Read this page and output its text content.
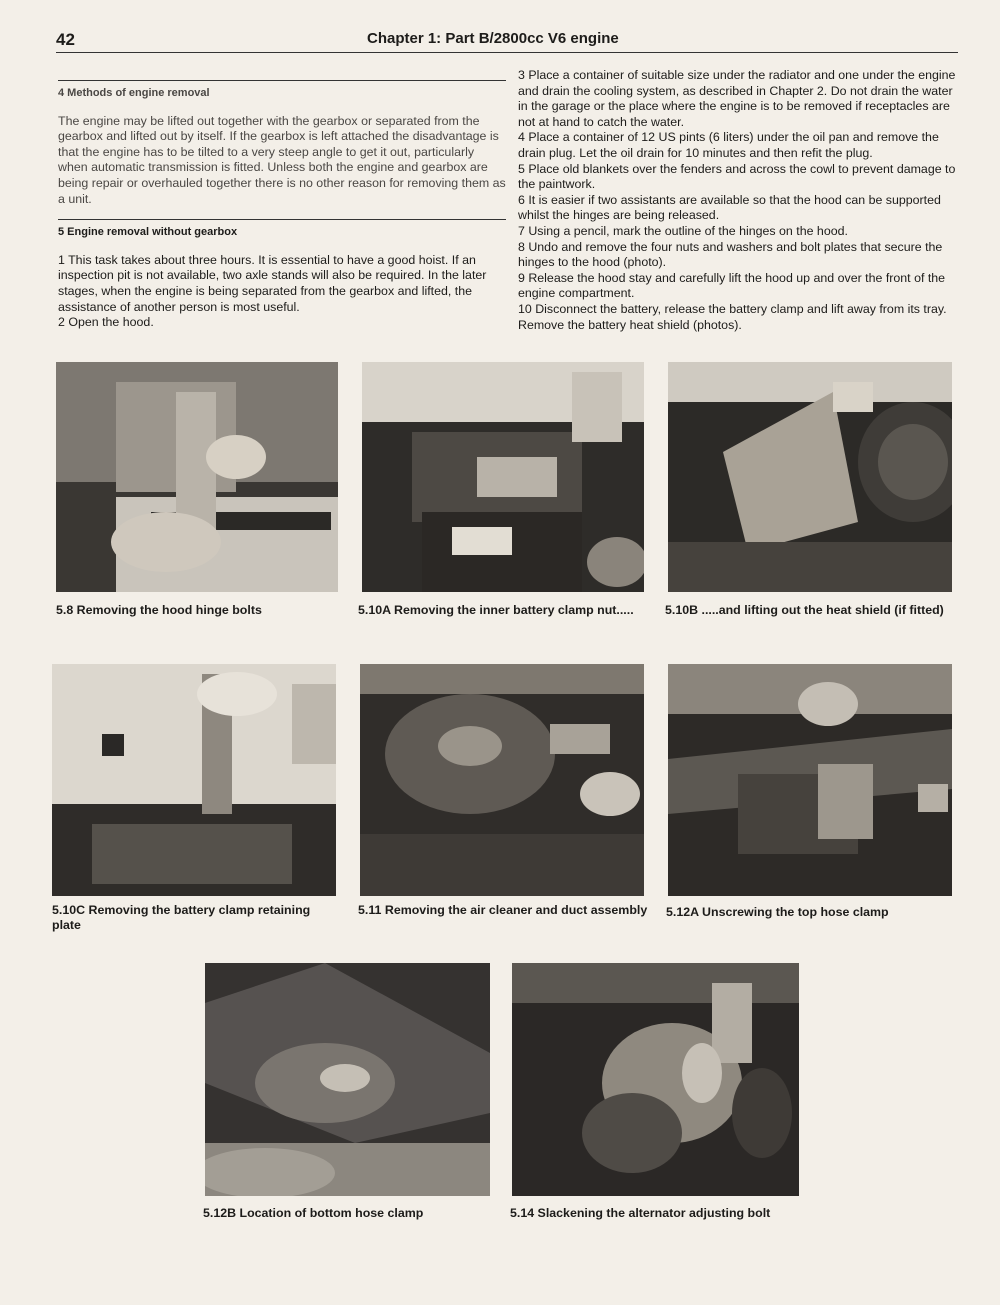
42	Chapter 1: Part B/2800cc V6 engine
4 Methods of engine removal

The engine may be lifted out together with the gearbox or separated from the gearbox and lifted out by itself. If the gearbox is left attached the disadvantage is that the engine has to be tilted to a very steep angle to get it out, particularly when automatic transmission is fitted. Unless both the engine and gearbox are being repair or overhauled together there is no other reason for removing them as a unit.

5 Engine removal without gearbox

1 This task takes about three hours. It is essential to have a good hoist. If an inspection pit is not available, two axle stands will also be required. In the later stages, when the engine is being separated from the gearbox and lifted, the assistance of another person is most useful.

2 Open the hood.

3 Place a container of suitable size under the radiator and one under the engine and drain the cooling system, as described in Chapter 2. Do not drain the water in the garage or the place where the engine is to be removed if receptacles are not at hand to catch the water.

4 Place a container of 12 US pints (6 liters) under the oil pan and remove the drain plug. Let the oil drain for 10 minutes and then refit the plug.

5 Place old blankets over the fenders and across the cowl to prevent damage to the paintwork.

6 It is easier if two assistants are available so that the hood can be supported whilst the hinges are being released.

7 Using a pencil, mark the outline of the hinges on the hood.

8 Undo and remove the four nuts and washers and bolt plates that secure the hinges to the hood (photo).

9 Release the hood stay and carefully lift the hood up and over the front of the engine compartment.

10 Disconnect the battery, release the battery clamp and lift away from its tray. Remove the battery heat shield (photos).

5.8 Removing the hood hinge bolts	5.10A Removing the inner battery clamp nut.....	5.10B .....and lifting out the heat shield (if fitted)
5.10C Removing the battery clamp retaining plate
5.11 Removing the air cleaner and duct assembly 5.12A Unscrewing the top hose clamp
5.12B Location of bottom hose clamp	5.14 Slackening the alternator adjusting bolt
